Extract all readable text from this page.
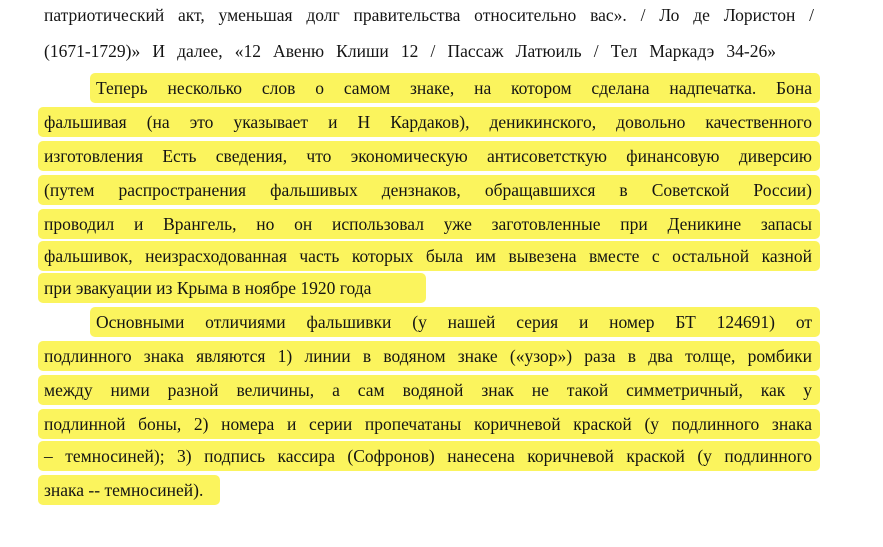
патриотический акт, уменьшая долг правительства относительно вас». / Ло де Лористон /
(1671-1729)» И далее, «12 Авеню Клиши 12 / Пассаж Латюиль / Тел Маркадэ 34-26»
Теперь несколько слов о самом знаке, на котором сделана надпечатка. Бона
фальшивая (на это указывает и Н Кардаков), деникинского, довольно качественного
изготовления Есть сведения, что экономическую антисоветсткую финансовую диверсию
(путем распространения фальшивых дензнаков, обращавшихся в Советской России)
проводил и Врангель, но он использовал уже заготовленные при Деникине запасы
фальшивок, неизрасходованная часть которых была им вывезена вместе с остальной казной
при эвакуации из Крыма в ноябре 1920 года
Основными отличиями фальшивки (у нашей серия и номер БТ 124691) от
подлинного знака являются 1) линии в водяном знаке («узор») раза в два толще, ромбики
между ними разной величины, а сам водяной знак не такой симметричный, как у
подлинной боны, 2) номера и серии пропечатаны коричневой краской (у подлинного знака
– темносиней); 3) подпись кассира (Софронов) нанесена коричневой краской (у подлинного
знака -- темносиней).
